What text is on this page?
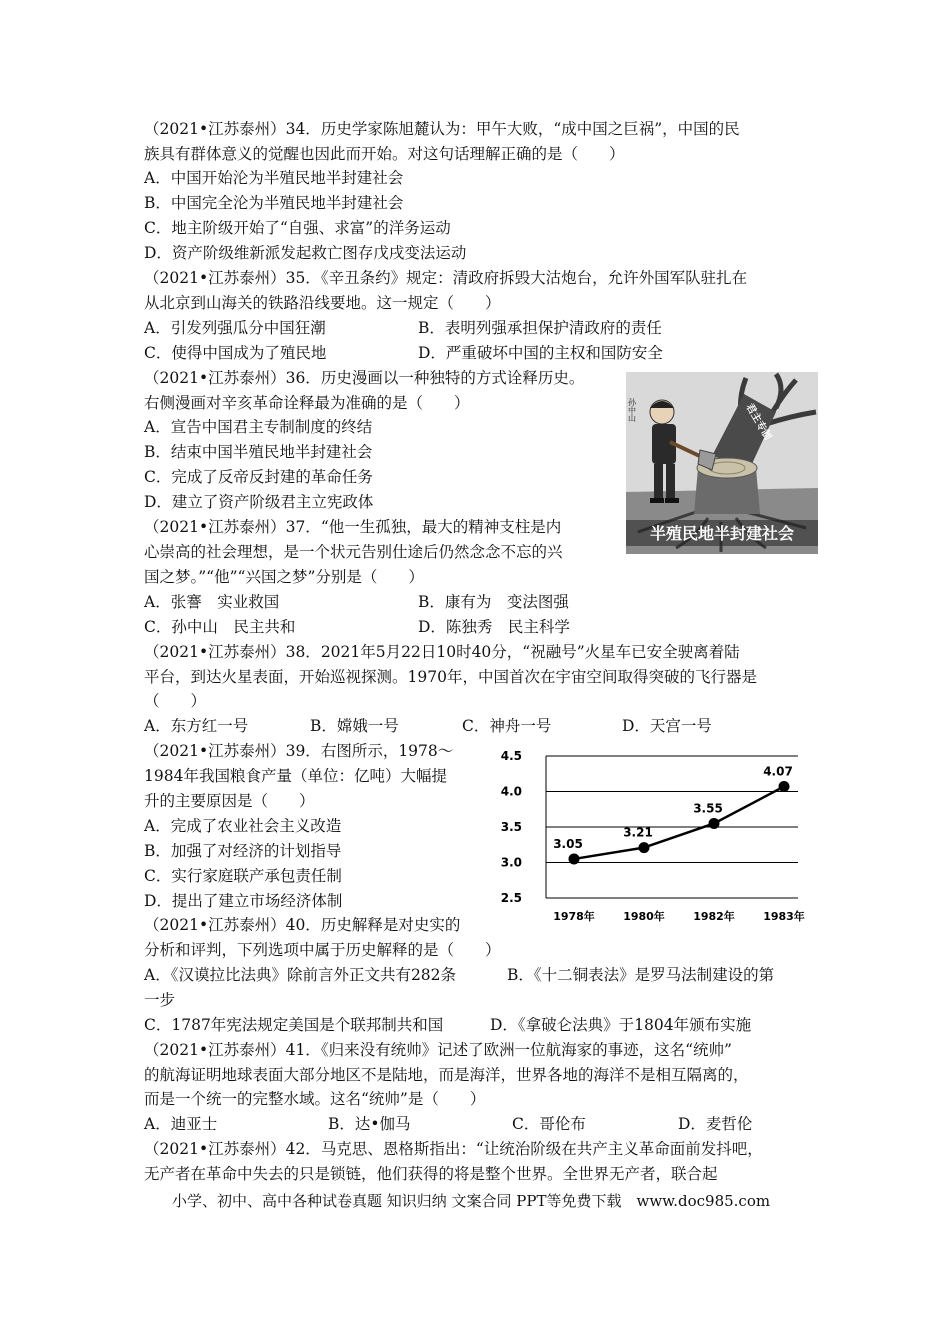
（2021•江苏泰州）34．历史学家陈旭麓认为：甲午大败，“成中国之巨祸”，中国的民
族具有群体意义的觉醒也因此而开始。对这句话理解正确的是（　　）
A．中国开始沦为半殖民地半封建社会
B．中国完全沦为半殖民地半封建社会
C．地主阶级开始了“自强、求富”的洋务运动
D．资产阶级维新派发起救亡图存戊戌变法运动
（2021•江苏泰州）35．《辛丑条约》规定：清政府拆毁大沽炮台，允许外国军队驻扎在
从北京到山海关的铁路沿线要地。这一规定（　　）
A．引发列强瓜分中国狂潮	B．表明列强承担保护清政府的责任
C．使得中国成为了殖民地	D．严重破坏中国的主权和国防安全
（2021•江苏泰州）36．历史漫画以一种独特的方式诠释历史。
右侧漫画对辛亥革命诠释最为准确的是（　　）
A．宣告中国君主专制制度的终结
B．结束中国半殖民地半封建社会
C．完成了反帝反封建的革命任务
D．建立了资产阶级君主立宪政体
孙中山	君主专制
半殖民地半封建社会
（2021•江苏泰州）37．“他一生孤独，最大的精神支柱是内
心崇高的社会理想，是一个状元告别仕途后仍然念念不忘的兴
国之梦。”“他”“兴国之梦”分别是（　　）
A．张謇　实业救国	B．康有为　变法图强
C．孙中山　民主共和	D．陈独秀　民主科学
（2021•江苏泰州）38．2021年5月22日10时40分，“祝融号”火星车已安全驶离着陆
平台，到达火星表面，开始巡视探测。1970年，中国首次在宇宙空间取得突破的飞行器是
（　　）
A．东方红一号	B．嫦娥一号	C．神舟一号	D．天宫一号
（2021•江苏泰州）39．右图所示，1978～
1984年我国粮食产量（单位：亿吨）大幅提
升的主要原因是（　　）
A．完成了农业社会主义改造
B．加强了对经济的计划指导
C．实行家庭联产承包责任制
D．提出了建立市场经济体制
4.5
4.0
3.5
3.0
2.5
1978年	1980年	1982年	1983年
3.05
3.21
3.55
4.07
（2021•江苏泰州）40．历史解释是对史实的
分析和评判，下列选项中属于历史解释的是（　　）
A．《汉谟拉比法典》除前言外正文共有282条	B．《十二铜表法》是罗马法制建设的第
一步
C．1787年宪法规定美国是个联邦制共和国	D．《拿破仑法典》于1804年颁布实施
（2021•江苏泰州）41．《归来没有统帅》记述了欧洲一位航海家的事迹，这名“统帅”
的航海证明地球表面大部分地区不是陆地，而是海洋，世界各地的海洋不是相互隔离的，
而是一个统一的完整水域。这名“统帅”是（　　）
A．迪亚士	B．达•伽马	C．哥伦布	D．麦哲伦
（2021•江苏泰州）42．马克思、恩格斯指出：“让统治阶级在共产主义革命面前发抖吧，
无产者在革命中失去的只是锁链，他们获得的将是整个世界。全世界无产者，联合起
小学、初中、高中各种试卷真题 知识归纳 文案合同 PPT等免费下载　www.doc985.com
